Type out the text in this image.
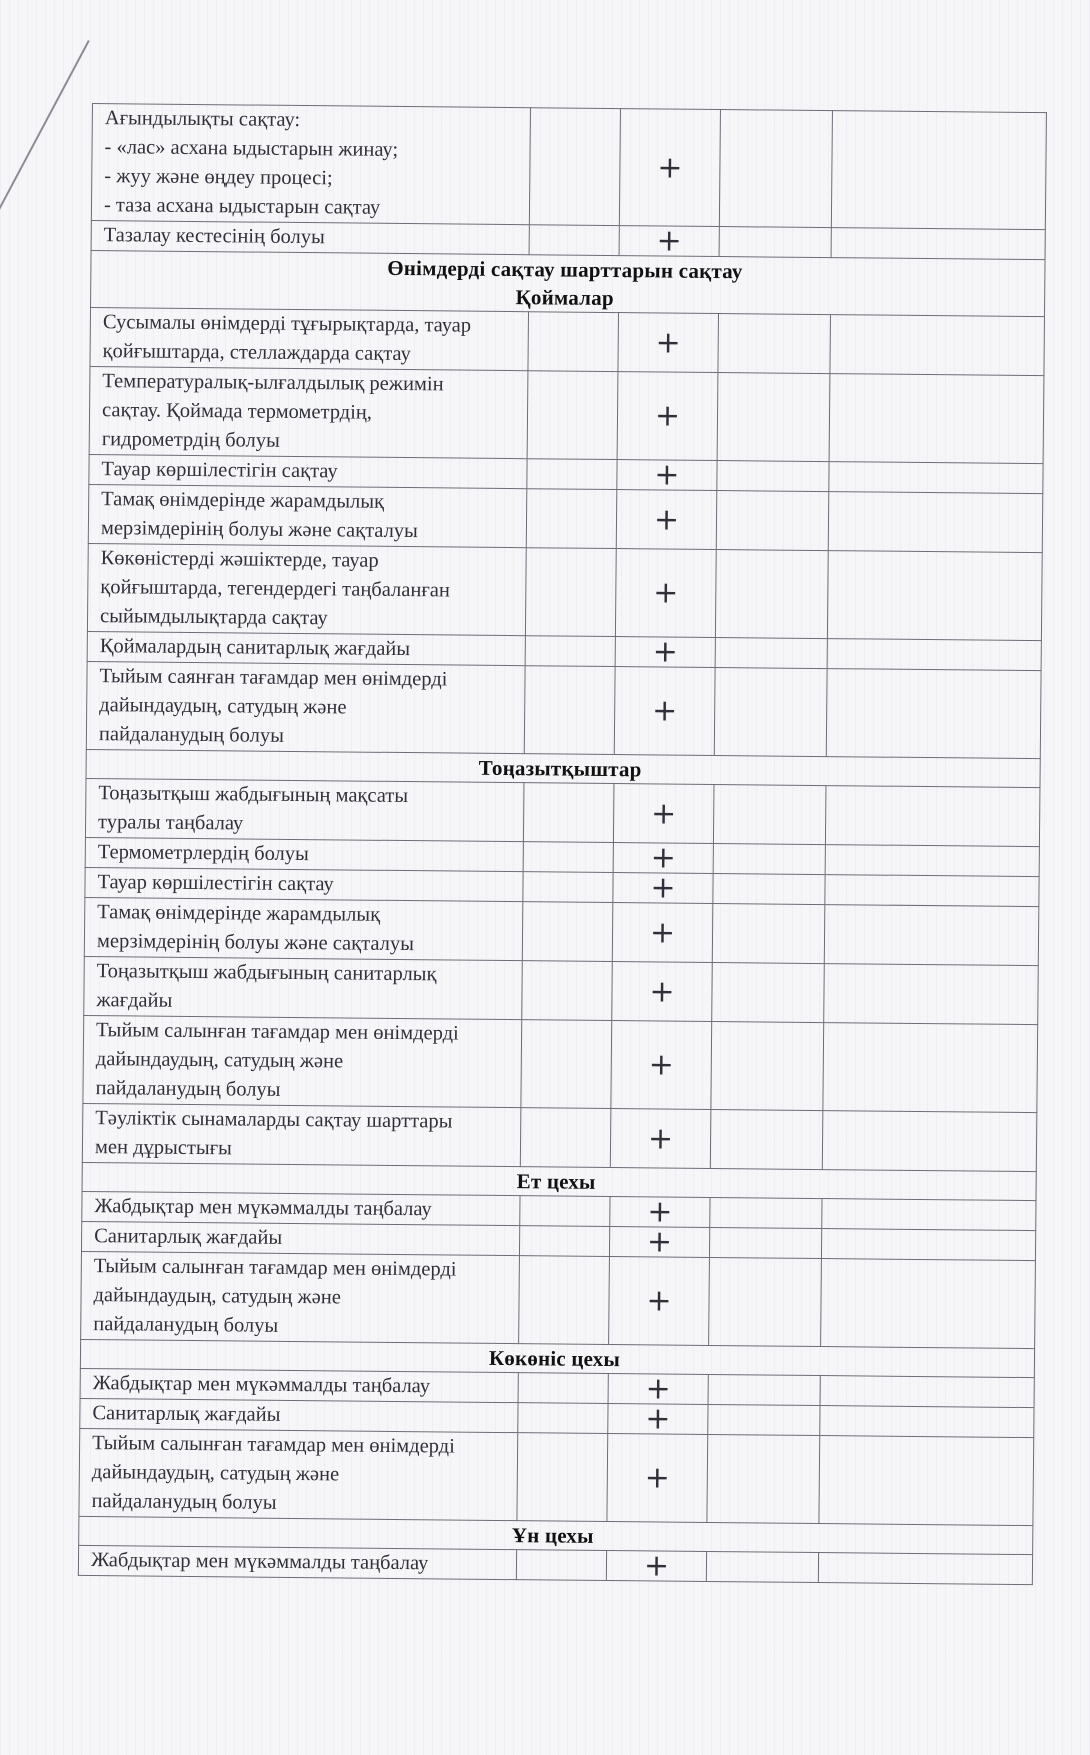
Ағындылықты сақтау:
- «лас» асхана ыдыстарын жинау;
- жуу және өңдеу процесі;
- таза асхана ыдыстарын сақтау		+		

Тазалау кестесінің болуы		+		

Өнімдерді сақтау шарттарын сақтау
Қоймалар				

Сусымалы өнімдерді тұғырықтарда, тауар
қойғыштарда, стеллаждарда сақтау		+		

Температуралық-ылғалдылық режимін
сақтау. Қоймада термометрдің,
гидрометрдің болуы		+		

Тауар көршілестігін сақтау		+		

Тамақ өнімдерінде жарамдылық
мерзімдерінің болуы және сақталуы		+		

Көкөністерді жәшіктерде, тауар
қойғыштарда, тегендердегі таңбаланған
сыйымдылықтарда сақтау		+		

Қоймалардың санитарлық жағдайы		+		

Тыйым саянған тағамдар мен өнімдерді
дайындаудың, сатудың және
пайдаланудың болуы		+		

Тоңазытқыштар				

Тоңазытқыш жабдығының мақсаты
туралы таңбалау		+		

Термометрлердің болуы		+		

Тауар көршілестігін сақтау		+		

Тамақ өнімдерінде жарамдылық
мерзімдерінің болуы және сақталуы		+		

Тоңазытқыш жабдығының санитарлық
жағдайы		+		

Тыйым салынған тағамдар мен өнімдерді
дайындаудың, сатудың және
пайдаланудың болуы		+		

Тәуліктік сынамаларды сақтау шарттары
мен дұрыстығы		+		

Ет цехы				

Жабдықтар мен мүкәммалды таңбалау		+		

Санитарлық жағдайы		+		

Тыйым салынған тағамдар мен өнімдерді
дайындаудың, сатудың және
пайдаланудың болуы		+		

Көкөніс цехы				

Жабдықтар мен мүкәммалды таңбалау		+		

Санитарлық жағдайы		+		

Тыйым салынған тағамдар мен өнімдерді
дайындаудың, сатудың және
пайдаланудың болуы		+		

Ұн цехы				

Жабдықтар мен мүкәммалды таңбалау		+		
